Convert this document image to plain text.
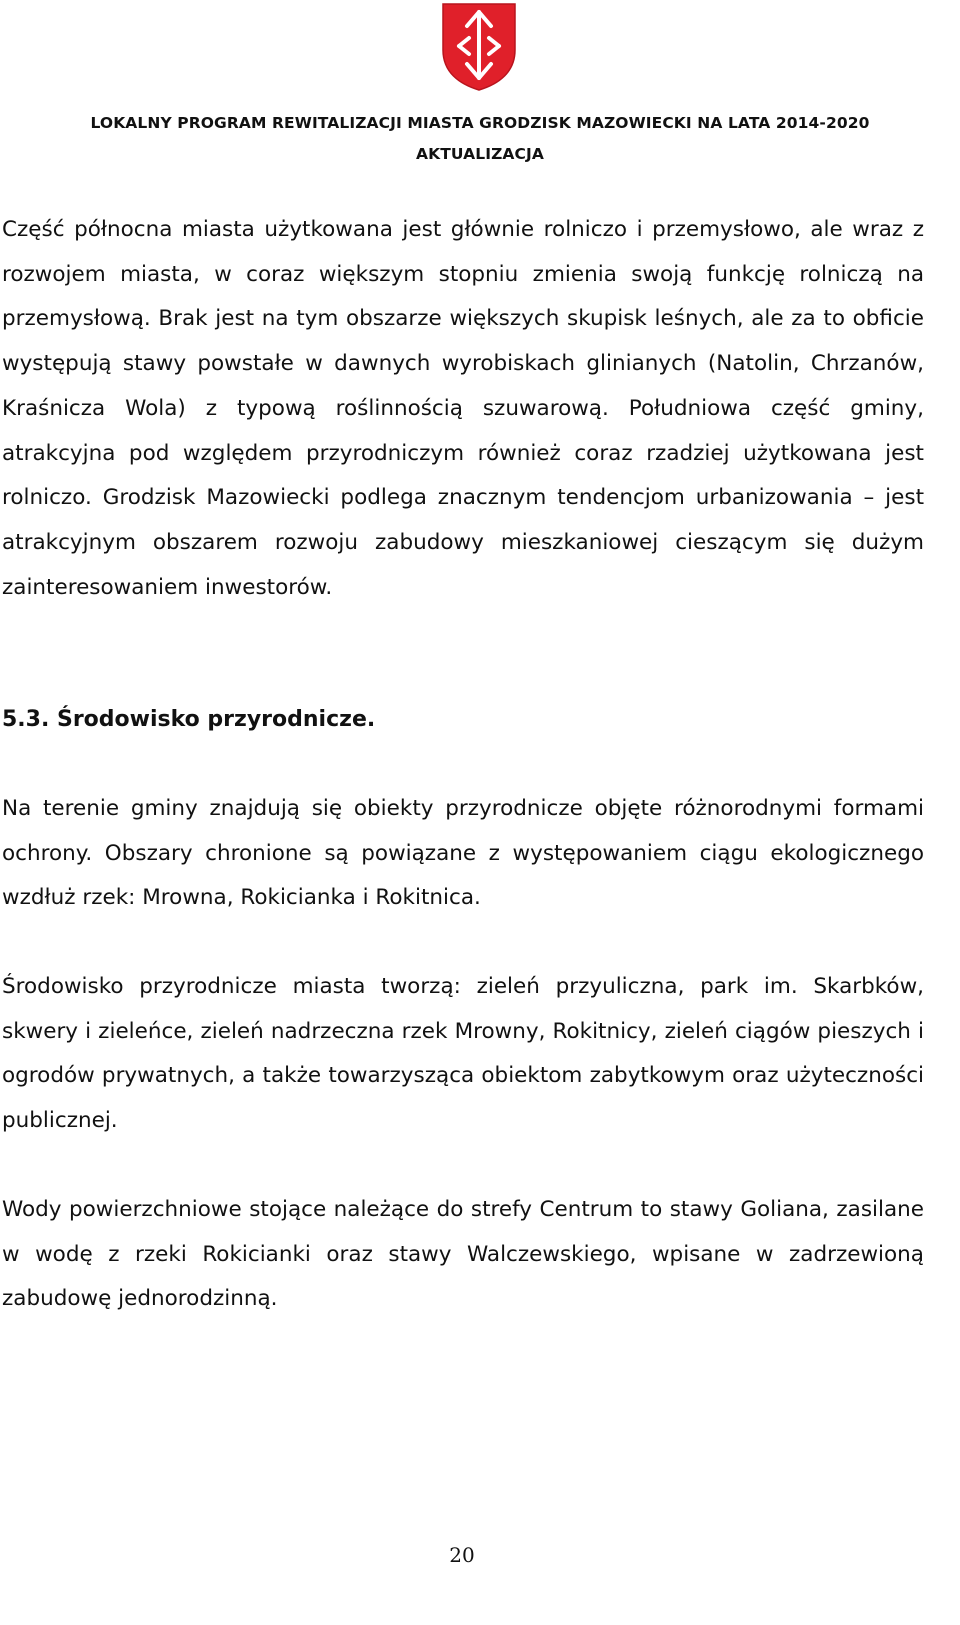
LOKALNY PROGRAM REWITALIZACJI MIASTA GRODZISK MAZOWIECKI NA LATA 2014-2020
AKTUALIZACJA

Część północna miasta użytkowana jest głównie rolniczo i przemysłowo, ale wraz z rozwojem miasta, w coraz większym stopniu zmienia swoją funkcję rolniczą na przemysłową. Brak jest na tym obszarze większych skupisk leśnych, ale za to obficie występują stawy powstałe w dawnych wyrobiskach glinianych (Natolin, Chrzanów, Kraśnicza Wola) z typową roślinnością szuwarową. Południowa część gminy, atrakcyjna pod względem przyrodniczym również coraz rzadziej użytkowana jest rolniczo. Grodzisk Mazowiecki podlega znacznym tendencjom urbanizowania – jest atrakcyjnym obszarem rozwoju zabudowy mieszkaniowej cieszącym się dużym zainteresowaniem inwestorów.

5.3. Środowisko przyrodnicze.

Na terenie gminy znajdują się obiekty przyrodnicze objęte różnorodnymi formami ochrony. Obszary chronione są powiązane z występowaniem ciągu ekologicznego wzdłuż rzek: Mrowna, Rokicianka i Rokitnica.

Środowisko przyrodnicze miasta tworzą: zieleń przyuliczna, park im. Skarbków, skwery i zieleńce, zieleń nadrzeczna rzek Mrowny, Rokitnicy, zieleń ciągów pieszych i ogrodów prywatnych, a także towarzysząca obiektom zabytkowym oraz użyteczności publicznej.

Wody powierzchniowe stojące należące do strefy Centrum to stawy Goliana, zasilane w wodę z rzeki Rokicianki oraz stawy Walczewskiego, wpisane w zadrzewioną zabudowę jednorodzinną.

20
